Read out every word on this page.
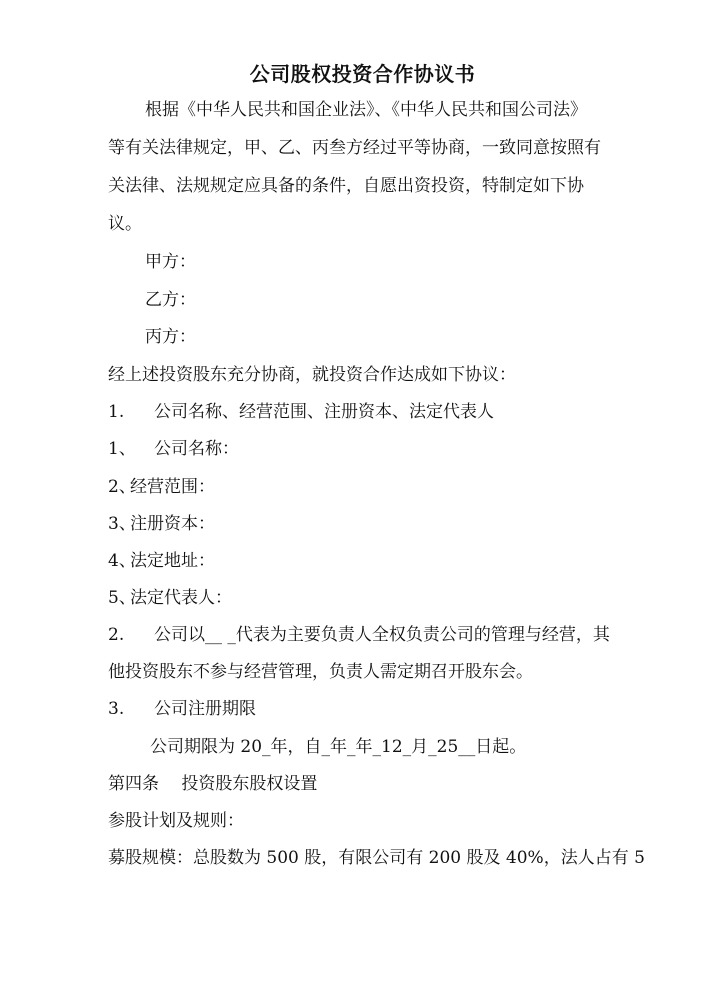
公司股权投资合作协议书
根据《中华人民共和国企业法》、《中华人民共和国公司法》
等有关法律规定，甲、乙、丙叁方经过平等协商，一致同意按照有
关法律、法规规定应具备的条件，自愿出资投资，特制定如下协
议。
甲方：
乙方：
丙方：
经上述投资股东充分协商，就投资合作达成如下协议：
1. 公司名称、经营范围、注册资本、法定代表人
1、 公司名称：
2、经营范围：
3、注册资本：
4、法定地址：
5、法定代表人：
2. 公司以__ _代表为主要负责人全权负责公司的管理与经营，其
他投资股东不参与经营管理，负责人需定期召开股东会。
3. 公司注册期限
公司期限为 20_年，自_年_年_12_月_25__日起。
第四条　 投资股东股权设置
参股计划及规则：
募股规模：总股数为 500 股，有限公司有 200 股及 40%，法人占有 5
